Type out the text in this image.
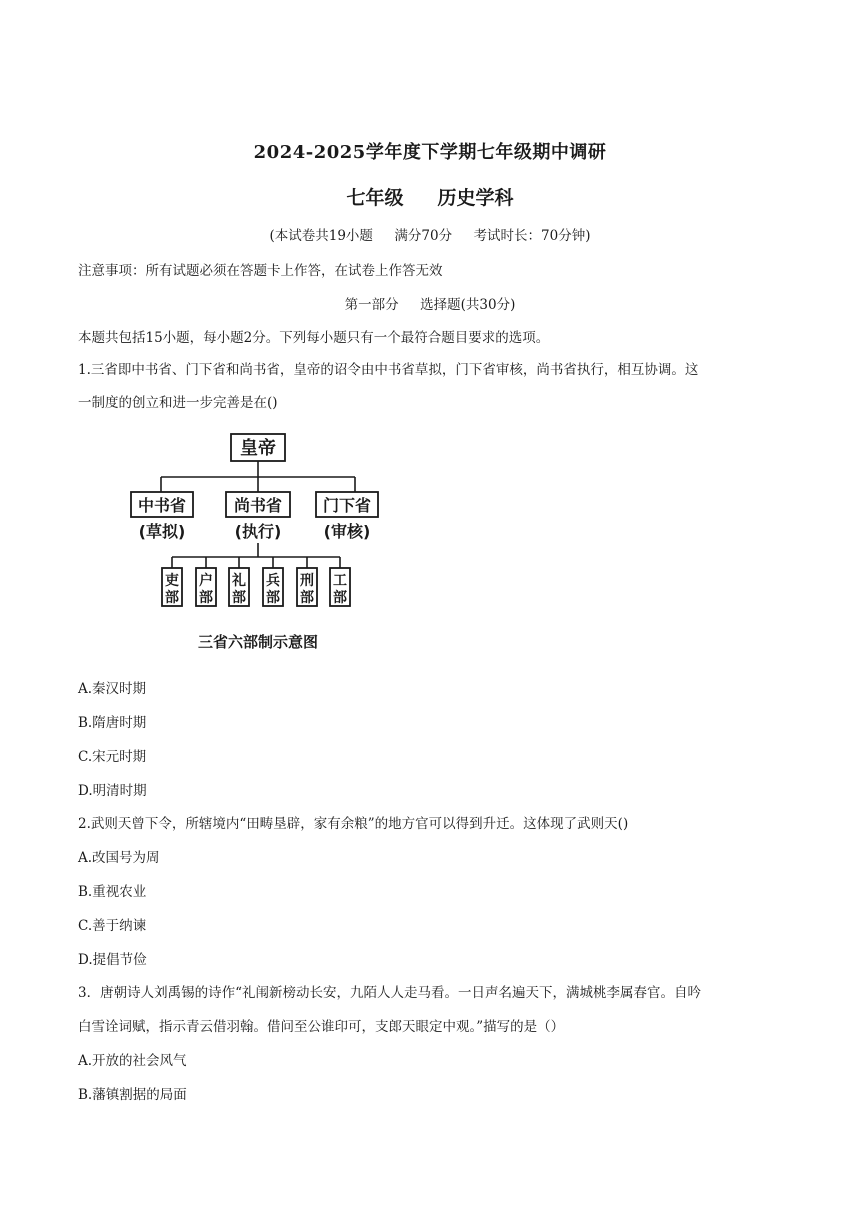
2024-2025学年度下学期七年级期中调研
七年级 历史学科
(本试卷共19小题 满分70分 考试时长：70分钟)
注意事项：所有试题必须在答题卡上作答，在试卷上作答无效
第一部分 选择题(共30分)
本题共包括15小题，每小题2分。下列每小题只有一个最符合题目要求的选项。
1.三省即中书省、门下省和尚书省，皇帝的诏令由中书省草拟，门下省审核，尚书省执行，相互协调。这
一制度的创立和进一步完善是在()
皇帝
中书省	尚书省	门下省
(草拟)	(执行)	(审核)
吏
部
户
部
礼
部
兵
部
刑
部
工
部
三省六部制示意图
A.秦汉时期
B.隋唐时期
C.宋元时期
D.明清时期
2.武则天曾下令，所辖境内“田畴垦辟，家有余粮”的地方官可以得到升迁。这体现了武则天()
A.改国号为周
B.重视农业
C.善于纳谏
D.提倡节俭
3．唐朝诗人刘禹锡的诗作“礼闱新榜动长安，九陌人人走马看。一日声名遍天下，满城桃李属春官。自吟
白雪诠词赋，指示青云借羽翰。借问至公谁印可，支郎天眼定中观。”描写的是（）
A.开放的社会风气
B.藩镇割据的局面
